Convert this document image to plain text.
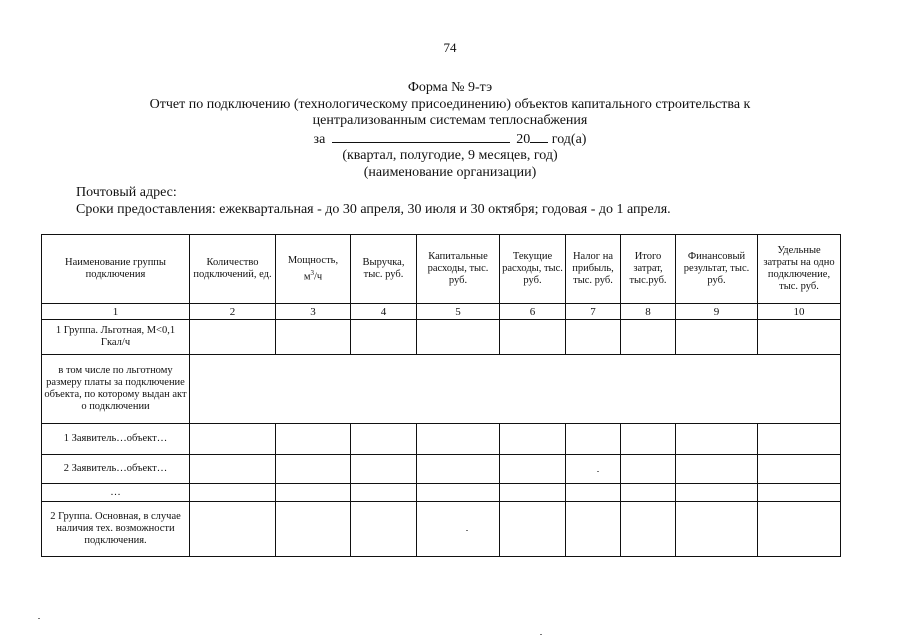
74
Форма № 9-тэ
Отчет по подключению (технологическому присоединению) объектов капитального строительства к
централизованным системам теплоснабжения
за	20 год(а)
(квартал, полугодие, 9 месяцев, год)
(наименование организации)
Почтовый адрес:
Сроки предоставления: ежеквартальная - до 30 апреля, 30 июля и 30 октября; годовая - до 1 апреля.
Наименование группы подключения	Количество подключений, ед.	Мощность,
$м^3/ч$	Выручка, тыс. руб.	Капитальные расходы, тыс. руб.	Текущие расходы, тыс. руб.	Налог на прибыль, тыс. руб.	Итого затрат, тыс.руб.	Финансовый результат, тыс. руб.	Удельные затраты на одно подключение, тыс. руб.
1	2	3	4	5	6	7	8	9	10
1 Группа. Льготная, М<0,1 Гкал/ч									
в том числе по льготному размеру платы за подключение объекта, по которому выдан акт о подключении									
1 Заявитель…объект…									
2 Заявитель…объект…									
…									
2 Группа. Основная, в случае наличия тех. возможности подключения.									
